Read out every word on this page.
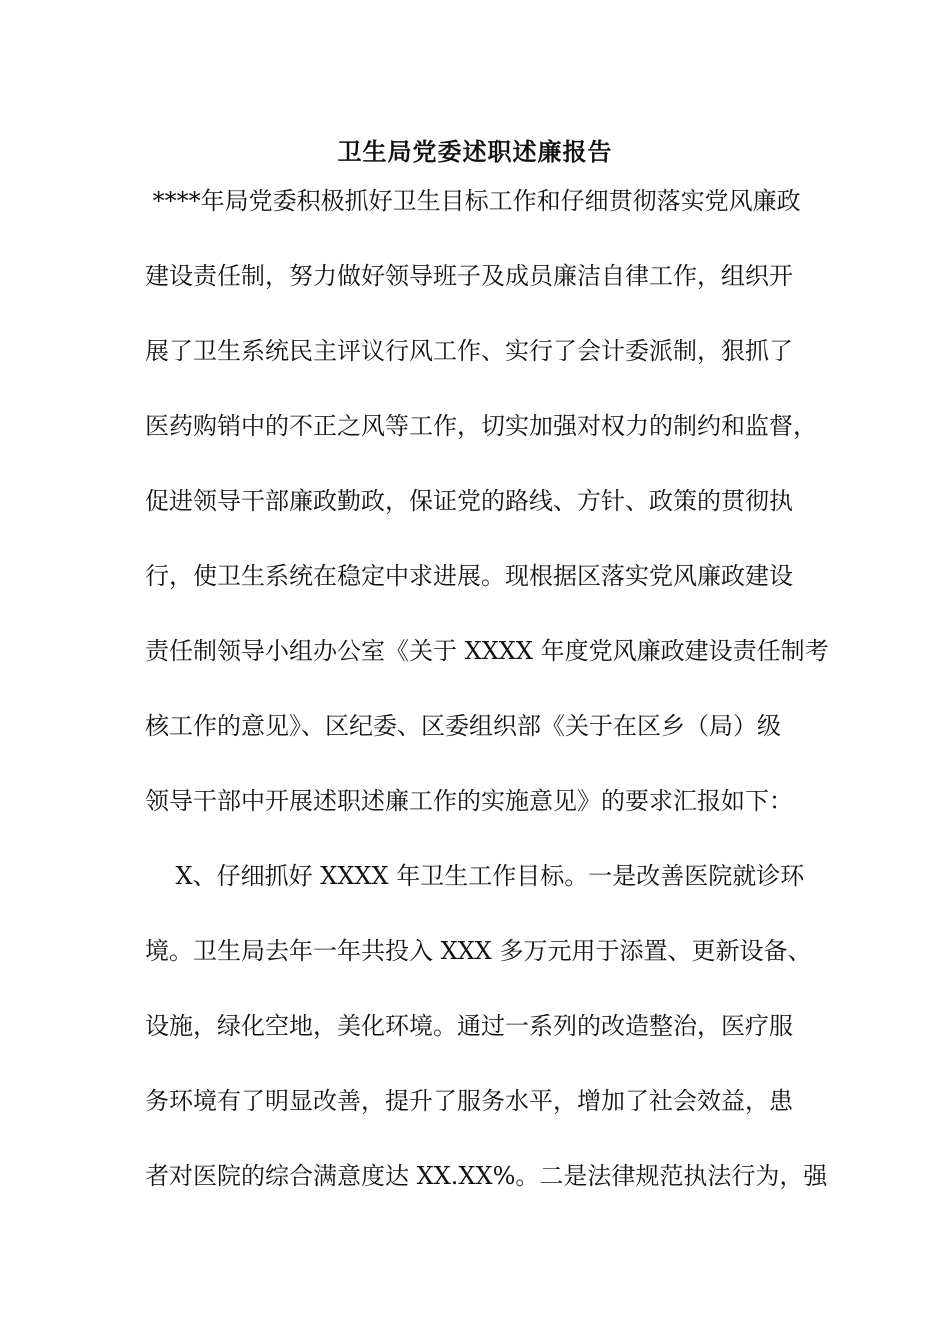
卫生局党委述职述廉报告
****年局党委积极抓好卫生目标工作和仔细贯彻落实党风廉政
建设责任制，努力做好领导班子及成员廉洁自律工作，组织开
展了卫生系统民主评议行风工作、实行了会计委派制，狠抓了
医药购销中的不正之风等工作，切实加强对权力的制约和监督，
促进领导干部廉政勤政，保证党的路线、方针、政策的贯彻执
行，使卫生系统在稳定中求进展。现根据区落实党风廉政建设
责任制领导小组办公室《关于 XXXX 年度党风廉政建设责任制考
核工作的意见》、区纪委、区委组织部《关于在区乡（局）级
领导干部中开展述职述廉工作的实施意见》的要求汇报如下：
X、仔细抓好 XXXX 年卫生工作目标。一是改善医院就诊环
境。卫生局去年一年共投入 XXX 多万元用于添置、更新设备、
设施，绿化空地，美化环境。通过一系列的改造整治，医疗服
务环境有了明显改善，提升了服务水平，增加了社会效益，患
者对医院的综合满意度达 XX.XX%。二是法律规范执法行为，强
